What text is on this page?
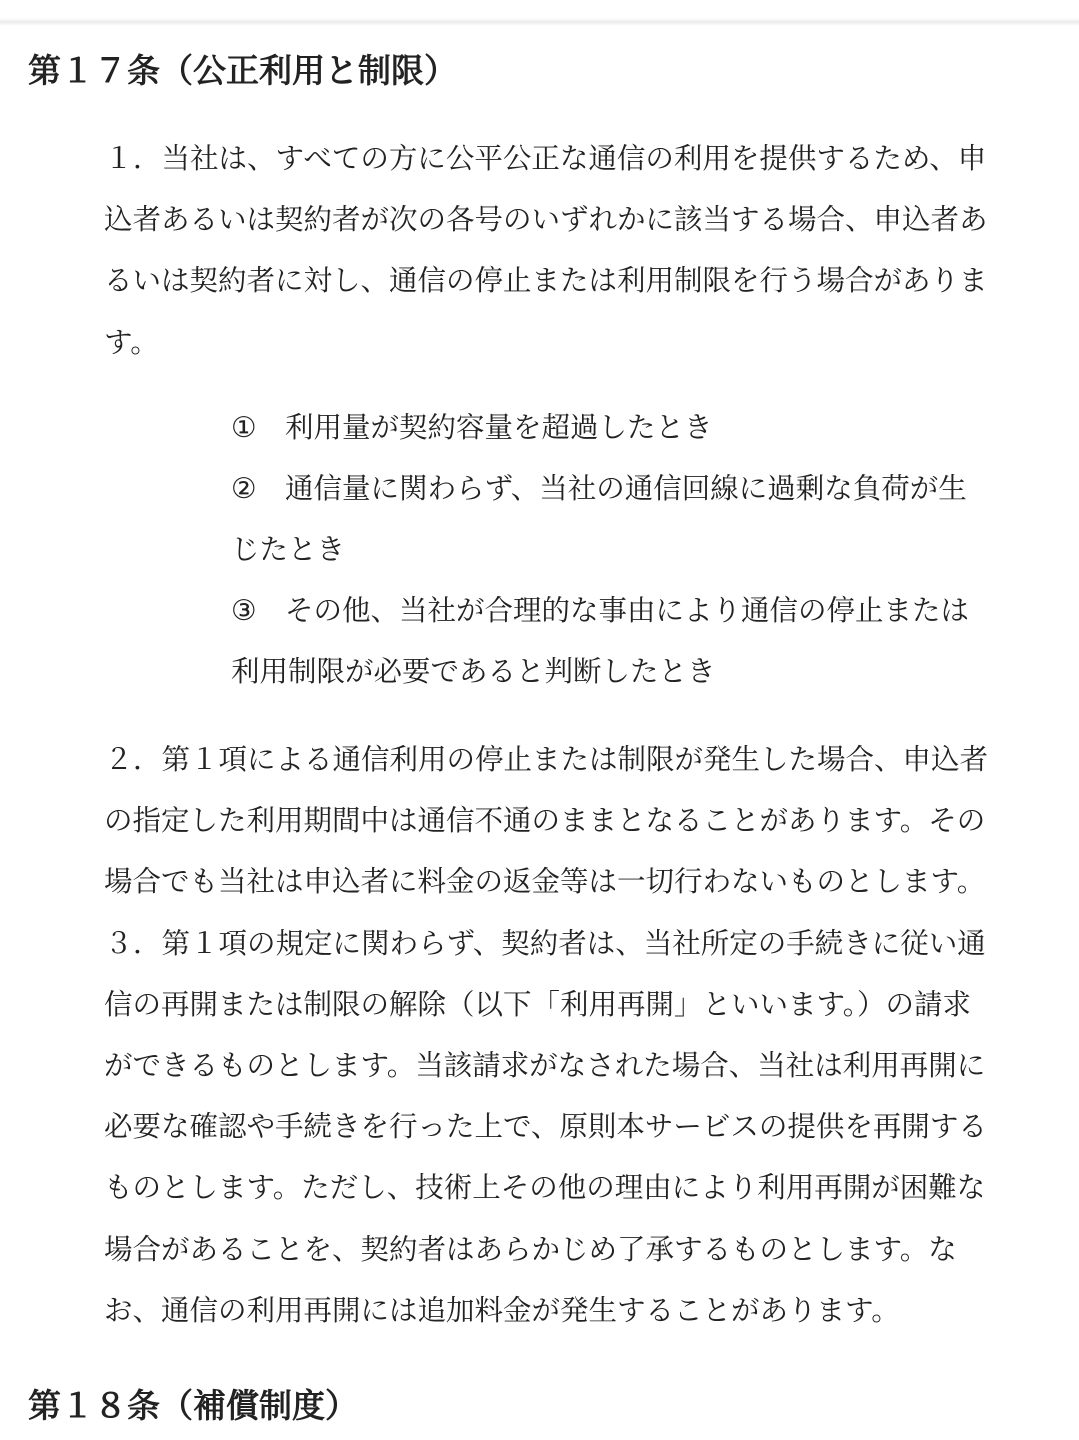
第１７条（公正利用と制限）
　１．当社は、すべての方に公平公正な通信の利用を提供するため、申
込者あるいは契約者が次の各号のいずれかに該当する場合、申込者あ
るいは契約者に対し、通信の停止または利用制限を行う場合がありま
す。
①　利用量が契約容量を超過したとき
②　通信量に関わらず、当社の通信回線に過剰な負荷が生
じたとき
③　その他、当社が合理的な事由により通信の停止または
利用制限が必要であると判断したとき
　２．第１項による通信利用の停止または制限が発生した場合、申込者
の指定した利用期間中は通信不通のままとなることがあります。その
場合でも当社は申込者に料金の返金等は一切行わないものとします。
　３．第１項の規定に関わらず、契約者は、当社所定の手続きに従い通
信の再開または制限の解除（以下「利用再開」といいます。）の請求
ができるものとします。当該請求がなされた場合、当社は利用再開に
必要な確認や手続きを行った上で、原則本サービスの提供を再開する
ものとします。ただし、技術上その他の理由により利用再開が困難な
場合があることを、契約者はあらかじめ了承するものとします。な
お、通信の利用再開には追加料金が発生することがあります。
第１８条（補償制度）
